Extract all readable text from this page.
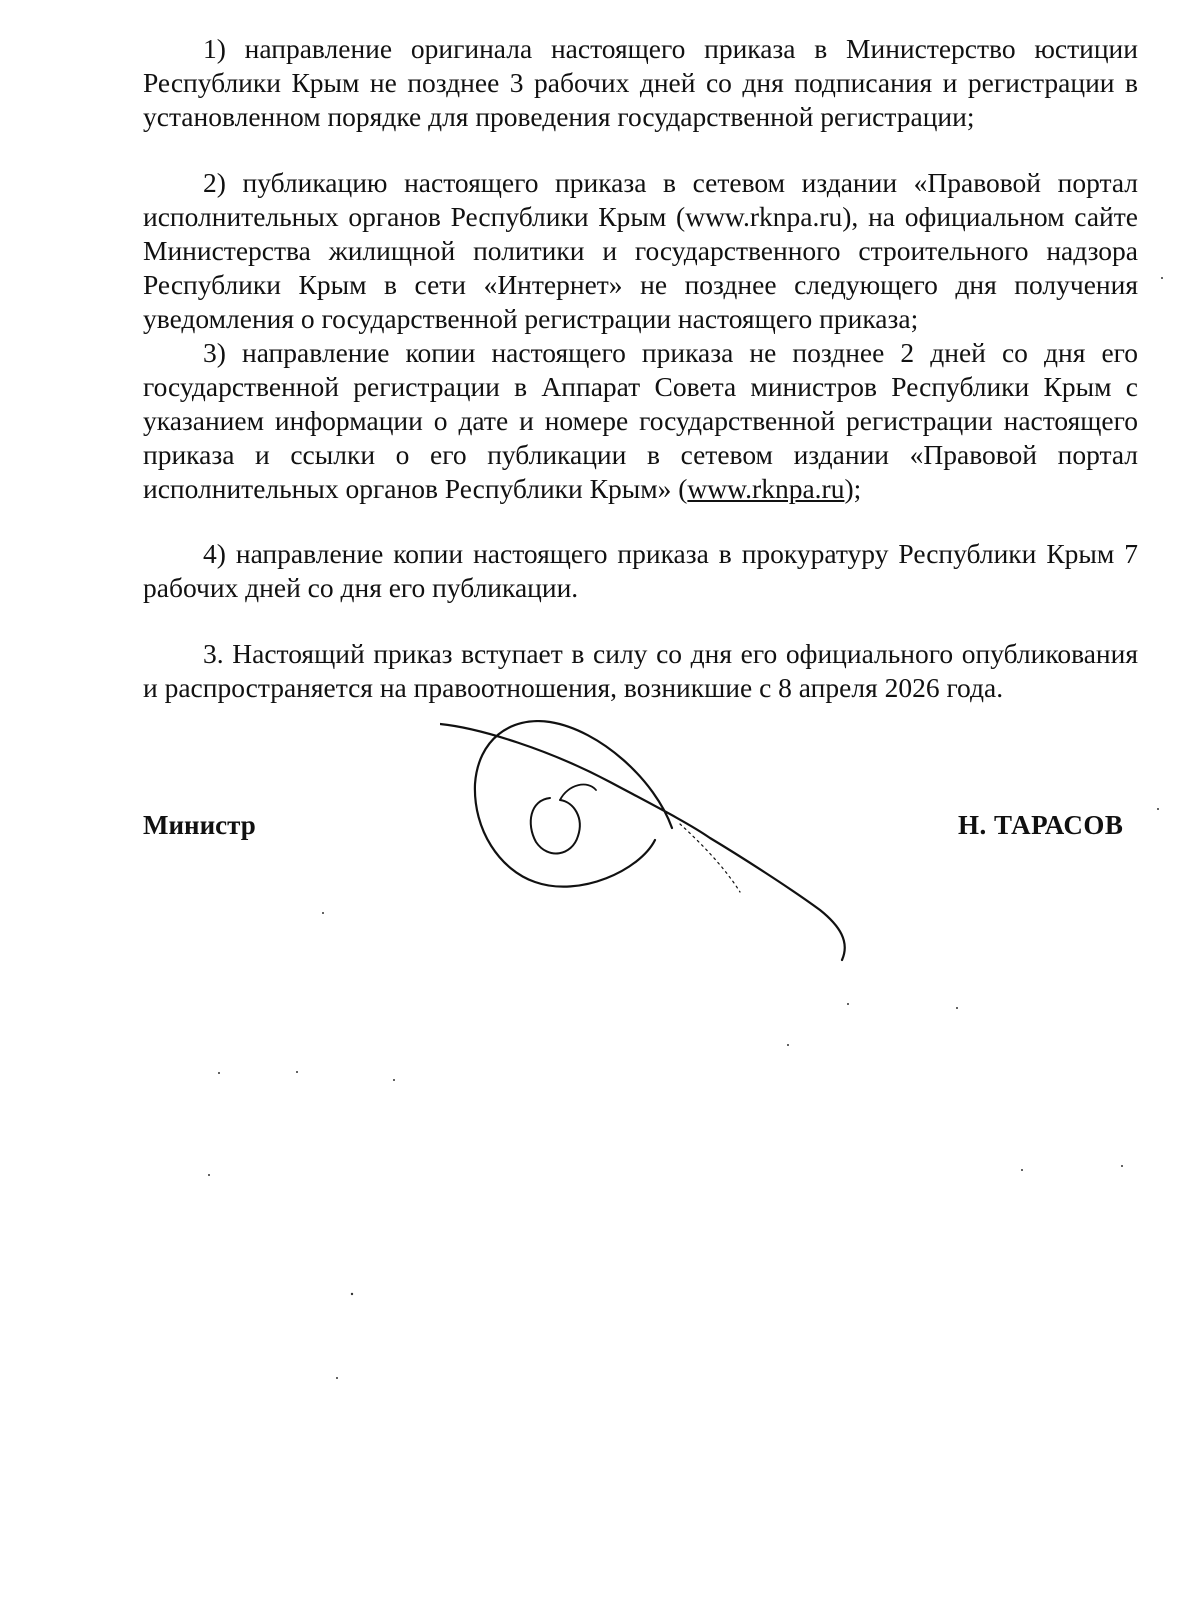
1) направление оригинала настоящего приказа в Министерство юстиции Республики Крым не позднее 3 рабочих дней со дня подписания и регистрации в установленном порядке для проведения государственной регистрации;

2) публикацию настоящего приказа в сетевом издании «Правовой портал исполнительных органов Республики Крым (www.rknpa.ru), на официальном сайте Министерства жилищной политики и государственного строительного надзора Республики Крым в сети «Интернет» не позднее следующего дня получения уведомления о государственной регистрации настоящего приказа;

3) направление копии настоящего приказа не позднее 2 дней со дня его государственной регистрации в Аппарат Совета министров Республики Крым с указанием информации о дате и номере государственной регистрации настоящего приказа и ссылки о его публикации в сетевом издании «Правовой портал исполнительных органов Республики Крым» (www.rknpa.ru);

4) направление копии настоящего приказа в прокуратуру Республики Крым 7 рабочих дней со дня его публикации.

3. Настоящий приказ вступает в силу со дня его официального опубликования и распространяется на правоотношения, возникшие с 8 апреля 2026 года.

Министр	Н. ТАРАСОВ
